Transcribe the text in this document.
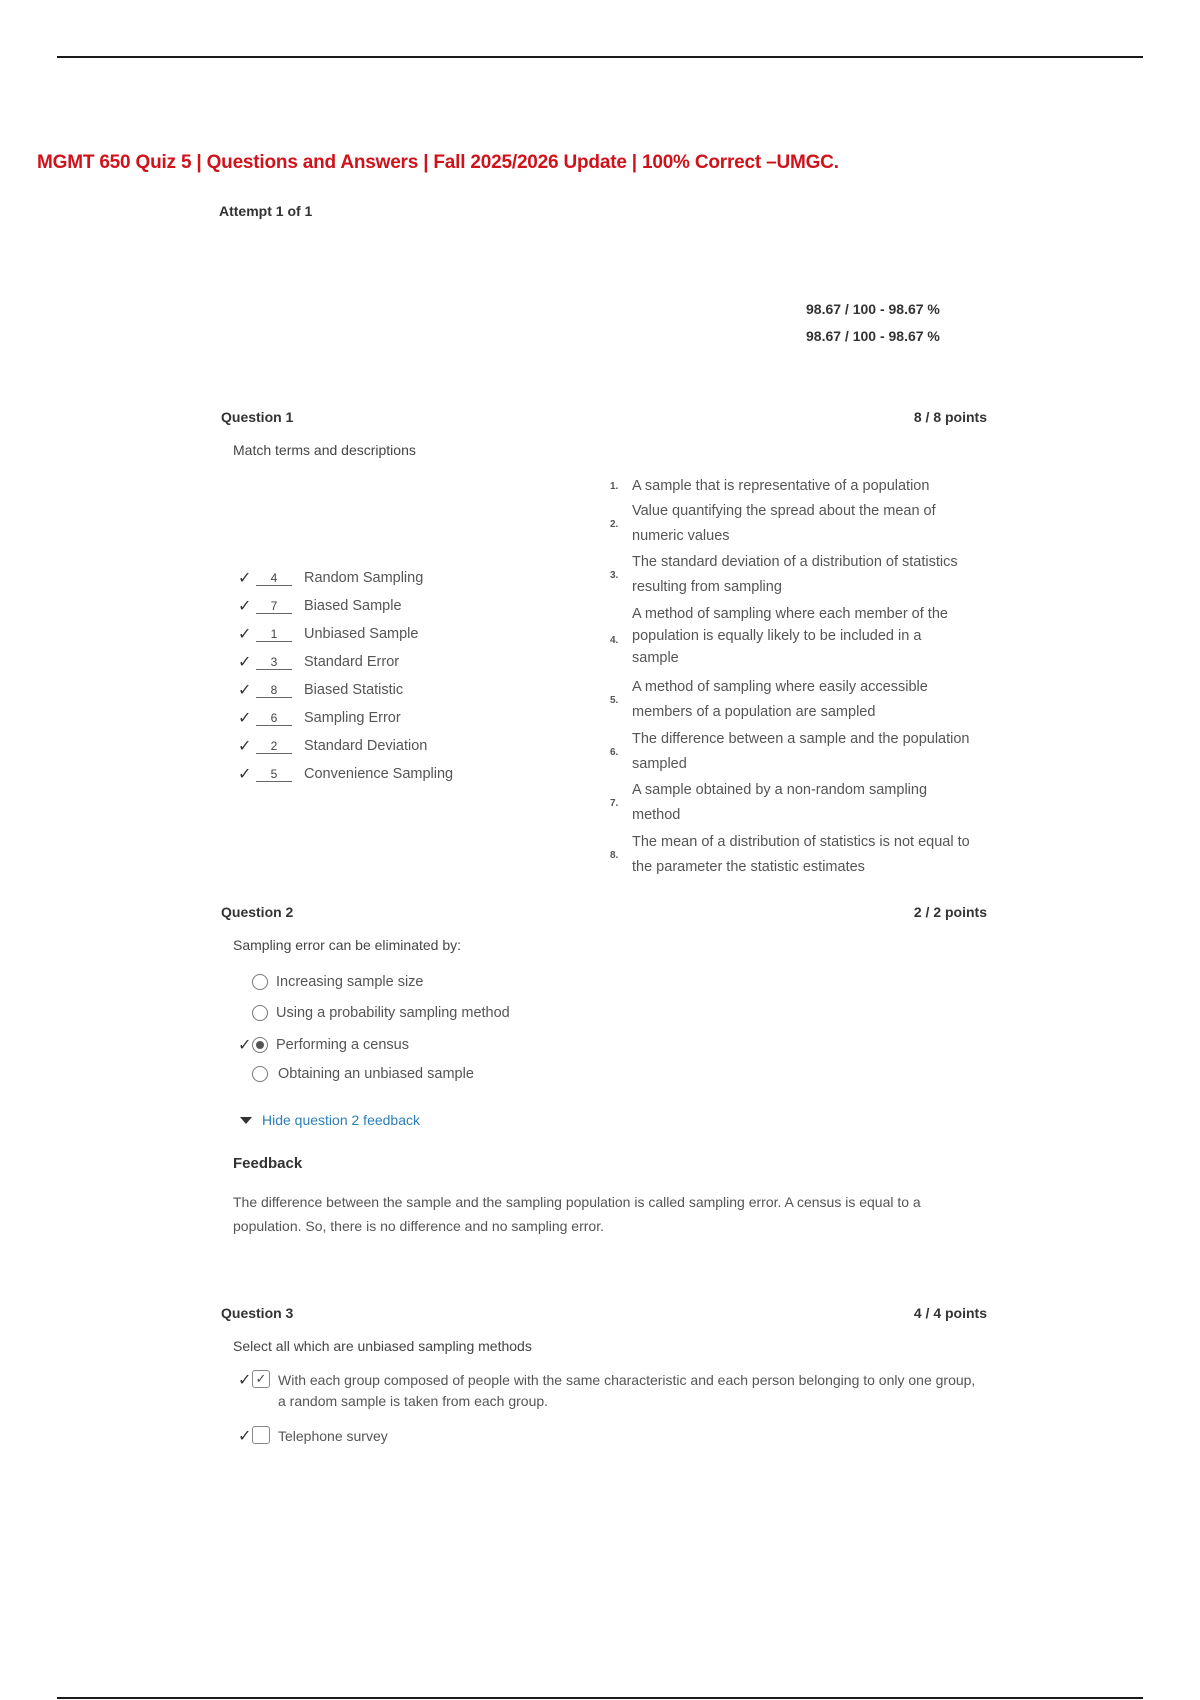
MGMT 650 Quiz 5 | Questions and Answers | Fall 2025/2026 Update | 100% Correct –UMGC.
Attempt 1 of 1
98.67 / 100 - 98.67 %
98.67 / 100 - 98.67 %
Question 1	8 / 8 points
Match terms and descriptions
✓	4	Random Sampling
✓	7	Biased Sample
✓	1	Unbiased Sample
✓	3	Standard Error
✓	8	Biased Statistic
✓	6	Sampling Error
✓	2	Standard Deviation
✓	5	Convenience Sampling
1. A sample that is representative of a population
2.
Value quantifying the spread about the mean of numeric values
3.
The standard deviation of a distribution of statistics resulting from sampling
4.
A method of sampling where each member of the population is equally likely to be included in a sample
5.
A method of sampling where easily accessible members of a population are sampled
6.
The difference between a sample and the population sampled
7.
A sample obtained by a non-random sampling method
8.
The mean of a distribution of statistics is not equal to the parameter the statistic estimates
Question 2	2 / 2 points
Sampling error can be eliminated by:
Increasing sample size
Using a probability sampling method
✓ Performing a census
Obtaining an unbiased sample
Hide question 2 feedback
Feedback
The difference between the sample and the sampling population is called sampling error. A census is equal to a population. So, there is no difference and no sampling error.
Question 3	4 / 4 points
Select all which are unbiased sampling methods
✓ ✓ With each group composed of people with the same characteristic and each person belonging to only one group, a random sample is taken from each group.
✓ Telephone survey
